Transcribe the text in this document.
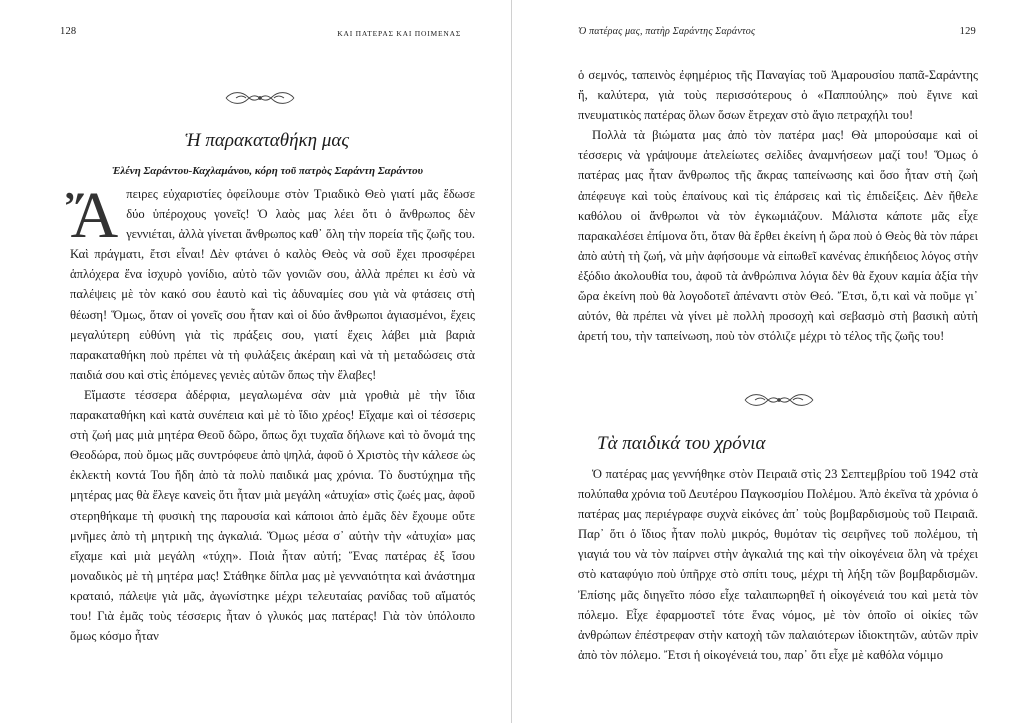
128	ΚΑΙ ΠΑΤΕΡΑΣ ΚΑΙ ΠΟΙΜΕΝΑΣ
Ἡ παρακαταθήκη μας
Ἑλένη Σαράντου-Καχλαμάνου, κόρη τοῦ πατρὸς Σαράντη Σαράντου

Ἄπειρες εὐχαριστίες ὀφείλουμε στὸν Τριαδικὸ Θεὸ γιατί μᾶς ἔδωσε δύο ὑπέροχους γονεῖς! Ὁ λαὸς μας λέει ὅτι ὁ ἄνθρωπος δὲν γεννιέται, ἀλλὰ γίνεται ἄνθρωπος καθ᾽ ὅλη τὴν πορεία τῆς ζωῆς του. Καὶ πράγματι, ἔτσι εἶναι! Δὲν φτάνει ὁ καλὸς Θεὸς νὰ σοῦ ἔχει προσφέρει ἁπλόχερα ἕνα ἰσχυρὸ γονίδιο, αὐτὸ τῶν γονιῶν σου, ἀλλὰ πρέπει κι ἐσὺ νὰ παλέψεις μὲ τὸν κακό σου ἑαυτὸ καὶ τὶς ἀδυναμίες σου γιὰ νὰ φτάσεις στὴ θέωση! Ὅμως, ὅταν οἱ γονεῖς σου ἦταν καὶ οἱ δύο ἄνθρωποι ἁγιασμένοι, ἔχεις μεγαλύτερη εὐθύνη γιὰ τὶς πράξεις σου, γιατί ἔχεις λάβει μιὰ βαριὰ παρακαταθήκη ποὺ πρέπει νὰ τὴ φυλάξεις ἀκέραιη καὶ νὰ τὴ μεταδώσεις στὰ παιδιά σου καὶ στὶς ἑπόμενες γενιὲς αὐτῶν ὅπως τὴν ἔλαβες!

Εἴμαστε τέσσερα ἀδέρφια, μεγαλωμένα σὰν μιὰ γροθιὰ μὲ τὴν ἴδια παρακαταθήκη καὶ κατὰ συνέπεια καὶ μὲ τὸ ἴδιο χρέος! Εἴχαμε καὶ οἱ τέσσερις στὴ ζωή μας μιὰ μητέρα Θεοῦ δῶρο, ὅπως ὄχι τυχαῖα δήλωνε καὶ τὸ ὄνομά της Θεοδώρα, ποὺ ὅμως μᾶς συντρόφευε ἀπὸ ψηλά, ἀφοῦ ὁ Χριστὸς τὴν κάλεσε ὡς ἐκλεκτὴ κοντά Του ἤδη ἀπὸ τὰ πολὺ παιδικά μας χρόνια. Τὸ δυστύχημα τῆς μητέρας μας θὰ ἔλεγε κανεὶς ὅτι ἦταν μιὰ μεγάλη «ἀτυχία» στὶς ζωές μας, ἀφοῦ στερηθήκαμε τὴ φυσικὴ της παρουσία καὶ κάποιοι ἀπὸ ἐμᾶς δὲν ἔχουμε οὔτε μνῆμες ἀπὸ τὴ μητρικὴ της ἀγκαλιά. Ὅμως μέσα σ᾽ αὐτὴν τὴν «ἀτυχία» μας εἴχαμε καὶ μιὰ μεγάλη «τύχη». Ποιὰ ἦταν αὐτή; Ἕνας πατέρας ἐξ ἴσου μοναδικὸς μὲ τὴ μητέρα μας! Στάθηκε δίπλα μας μὲ γενναιότητα καὶ ἀνάστημα κραταιό, πάλεψε γιὰ μᾶς, ἀγωνίστηκε μέχρι τελευταίας ρανίδας τοῦ αἵματός του! Γιὰ ἐμᾶς τοὺς τέσσερις ἦταν ὁ γλυκός μας πατέρας! Γιὰ τὸν ὑπόλοιπο ὅμως κόσμο ἦταν

Ὁ πατέρας μας, πατὴρ Σαράντης Σαράντος	129

ὁ σεμνός, ταπεινὸς ἐφημέριος τῆς Παναγίας τοῦ Ἀμαρουσίου παπᾶ-Σαράντης ἤ, καλύτερα, γιὰ τοὺς περισσότερους ὁ «Παππούλης» ποὺ ἔγινε καὶ πνευματικὸς πατέρας ὅλων ὅσων ἔτρεχαν στὸ ἅγιο πετραχήλι του!

Πολλὰ τὰ βιώματα μας ἀπὸ τὸν πατέρα μας! Θὰ μπορούσαμε καὶ οἱ τέσσερις νὰ γράψουμε ἀτελείωτες σελίδες ἀναμνήσεων μαζί του! Ὅμως ὁ πατέρας μας ἦταν ἄνθρωπος τῆς ἄκρας ταπείνωσης καὶ ὅσο ἦταν στὴ ζωὴ ἀπέφευγε καὶ τοὺς ἐπαίνους καὶ τὶς ἐπάρσεις καὶ τὶς ἐπιδείξεις. Δὲν ἤθελε καθόλου οἱ ἄνθρωποι νὰ τὸν ἐγκωμιάζουν. Μάλιστα κάποτε μᾶς εἶχε παρακαλέσει ἐπίμονα ὅτι, ὅταν θὰ ἔρθει ἐκείνη ἡ ὥρα ποὺ ὁ Θεὸς θὰ τὸν πάρει ἀπὸ αὐτὴ τὴ ζωή, νὰ μὴν ἀφήσουμε νὰ εἰπωθεῖ κανένας ἐπικήδειος λόγος στὴν ἐξόδιο ἀκολουθία του, ἀφοῦ τὰ ἀνθρώπινα λόγια δὲν θὰ ἔχουν καμία ἀξία τὴν ὥρα ἐκείνη ποὺ θὰ λογοδοτεῖ ἀπέναντι στὸν Θεό. Ἔτσι, ὅ,τι καὶ νὰ ποῦμε γι᾽ αὐτόν, θὰ πρέπει νὰ γίνει μὲ πολλὴ προσοχὴ καὶ σεβασμὸ στὴ βασικὴ αὐτὴ ἀρετή του, τὴν ταπείνωση, ποὺ τὸν στόλιζε μέχρι τὸ τέλος τῆς ζωῆς του!

Τὰ παιδικά του χρόνια

Ὁ πατέρας μας γεννήθηκε στὸν Πειραιᾶ στὶς 23 Σεπτεμβρίου τοῦ 1942 στὰ πολύπαθα χρόνια τοῦ Δευτέρου Παγκοσμίου Πολέμου. Ἀπὸ ἐκεῖνα τὰ χρόνια ὁ πατέρας μας περιέγραφε συχνὰ εἰκόνες ἀπ᾽ τοὺς βομβαρδισμοὺς τοῦ Πειραιᾶ. Παρ᾽ ὅτι ὁ ἴδιος ἦταν πολὺ μικρός, θυμόταν τὶς σειρῆνες τοῦ πολέμου, τὴ γιαγιά του νὰ τὸν παίρνει στὴν ἀγκαλιά της καὶ τὴν οἰκογένεια ὅλη νὰ τρέχει στὸ καταφύγιο ποὺ ὑπῆρχε στὸ σπίτι τους, μέχρι τὴ λήξη τῶν βομβαρδισμῶν. Ἐπίσης μᾶς διηγεῖτο πόσο εἶχε ταλαιπωρηθεῖ ἡ οἰκογένειά του καὶ μετὰ τὸν πόλεμο. Εἶχε ἐφαρμοστεῖ τότε ἕνας νόμος, μὲ τὸν ὁποῖο οἱ οἰκίες τῶν ἀνθρώπων ἐπέστρεφαν στὴν κατοχὴ τῶν παλαιότερων ἰδιοκτητῶν, αὐτῶν πρὶν ἀπὸ τὸν πόλεμο. Ἔτσι ἡ οἰκογένειά του, παρ᾽ ὅτι εἶχε μὲ καθόλα νόμιμο
